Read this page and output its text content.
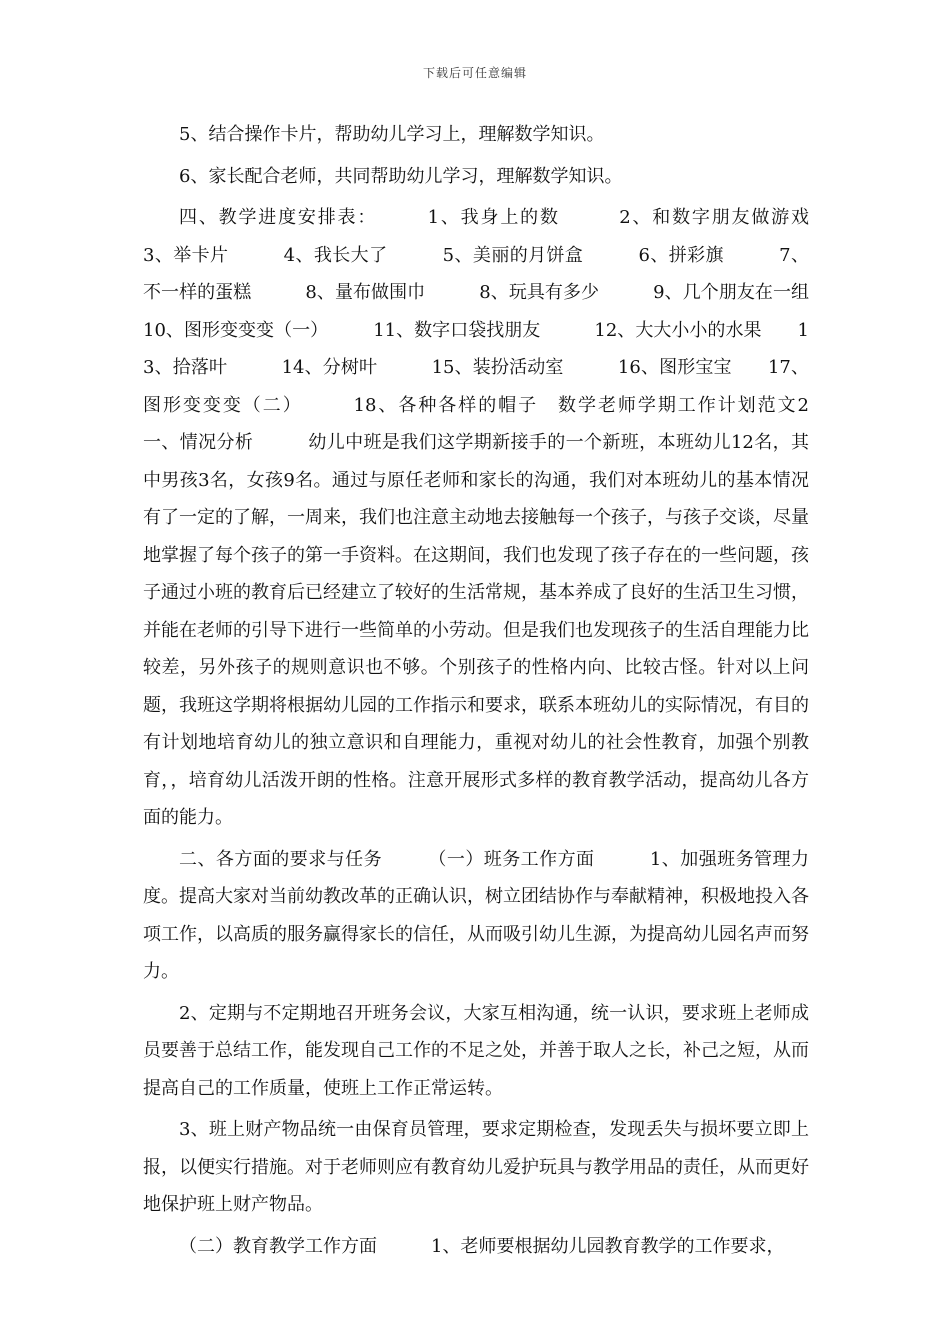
下载后可任意编辑

5、结合操作卡片，帮助幼儿学习上，理解数学知识。

6、家长配合老师，共同帮助幼儿学习，理解数学知识。

四、教学进度安排表：　　　1、我身上的数　　　2、和数字朋友做游戏　　3、举卡片　　　4、我长大了　　　5、美丽的月饼盒　　　6、拼彩旗　　　7、不一样的蛋糕　　　8、量布做围巾　　　8、玩具有多少　　　9、几个朋友在一组　　10、图形变变变（一）　　　11、数字口袋找朋友　　　12、大大小小的水果　　13、拾落叶　　　14、分树叶　　　15、装扮活动室　　　16、图形宝宝　　17、图形变变变（二）　　　18、各种各样的帽子　数学老师学期工作计划范文2　　一、情况分析　　　幼儿中班是我们这学期新接手的一个新班，本班幼儿12名，其中男孩3名，女孩9名。通过与原任老师和家长的沟通，我们对本班幼儿的基本情况有了一定的了解，一周来，我们也注意主动地去接触每一个孩子，与孩子交谈，尽量地掌握了每个孩子的第一手资料。在这期间，我们也发现了孩子存在的一些问题，孩子通过小班的教育后已经建立了较好的生活常规，基本养成了良好的生活卫生习惯，并能在老师的引导下进行一些简单的小劳动。但是我们也发现孩子的生活自理能力比较差，另外孩子的规则意识也不够。个别孩子的性格内向、比较古怪。针对以上问题，我班这学期将根据幼儿园的工作指示和要求，联系本班幼儿的实际情况，有目的有计划地培育幼儿的独立意识和自理能力，重视对幼儿的社会性教育，加强个别教育，，培育幼儿活泼开朗的性格。注意开展形式多样的教育教学活动，提高幼儿各方面的能力。

二、各方面的要求与任务　　　（一）班务工作方面　　　1、加强班务管理力度。提高大家对当前幼教改革的正确认识，树立团结协作与奉献精神，积极地投入各项工作，以高质的服务赢得家长的信任，从而吸引幼儿生源，为提高幼儿园名声而努力。

2、定期与不定期地召开班务会议，大家互相沟通，统一认识，要求班上老师成员要善于总结工作，能发现自己工作的不足之处，并善于取人之长，补己之短，从而提高自己的工作质量，使班上工作正常运转。

3、班上财产物品统一由保育员管理，要求定期检查，发现丢失与损坏要立即上报，以便实行措施。对于老师则应有教育幼儿爱护玩具与教学用品的责任，从而更好地保护班上财产物品。

（二）教育教学工作方面　　　1、老师要根据幼儿园教育教学的工作要求，
